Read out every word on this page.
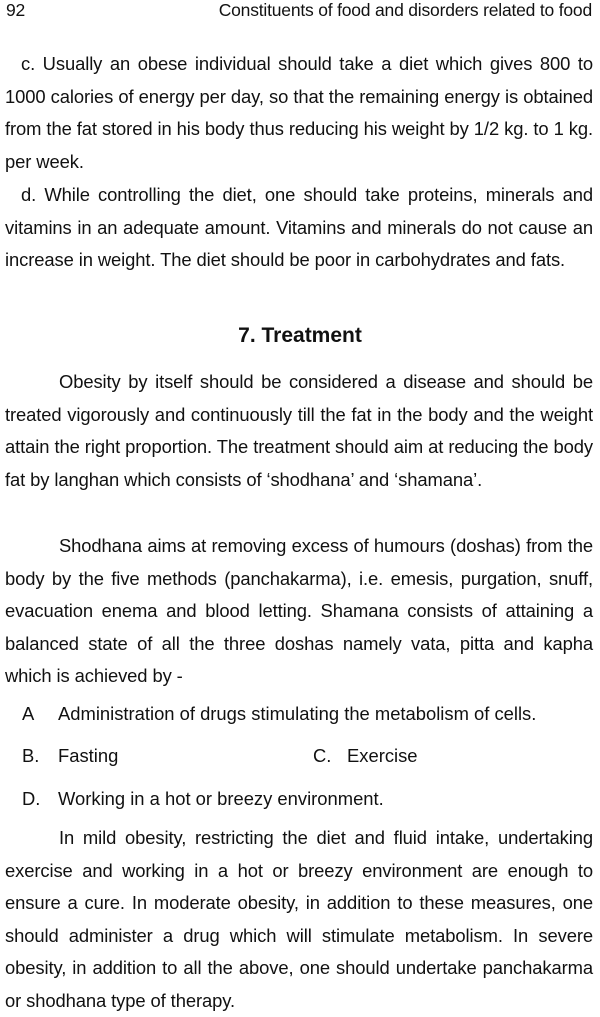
92	Constituents of food and disorders related to food

c. Usually an obese individual should take a diet which gives 800 to 1000 calories of energy per day, so that the remaining energy is obtained from the fat stored in his body thus reducing his weight by 1/2 kg. to 1 kg. per week.

d. While controlling the diet, one should take proteins, minerals and vitamins in an adequate amount. Vitamins and minerals do not cause an increase in weight. The diet should be poor in carbohydrates and fats.

7. Treatment

Obesity by itself should be considered a disease and should be treated vigorously and continuously till the fat in the body and the weight attain the right proportion. The treatment should aim at reducing the body fat by langhan which consists of ‘shodhana’ and ‘shamana’.

Shodhana aims at removing excess of humours (doshas) from the body by the five methods (panchakarma), i.e. emesis, purgation, snuff, evacuation enema and blood letting. Shamana consists of attaining a balanced state of all the three doshas namely vata, pitta and kapha which is achieved by -

A Administration of drugs stimulating the metabolism of cells.
B. Fasting	C. Exercise
D. Working in a hot or breezy environment.

In mild obesity, restricting the diet and fluid intake, undertaking exercise and working in a hot or breezy environment are enough to ensure a cure. In moderate obesity, in addition to these measures, one should administer a drug which will stimulate metabolism. In severe obesity, in addition to all the above, one should undertake panchakarma or shodhana type of therapy.
